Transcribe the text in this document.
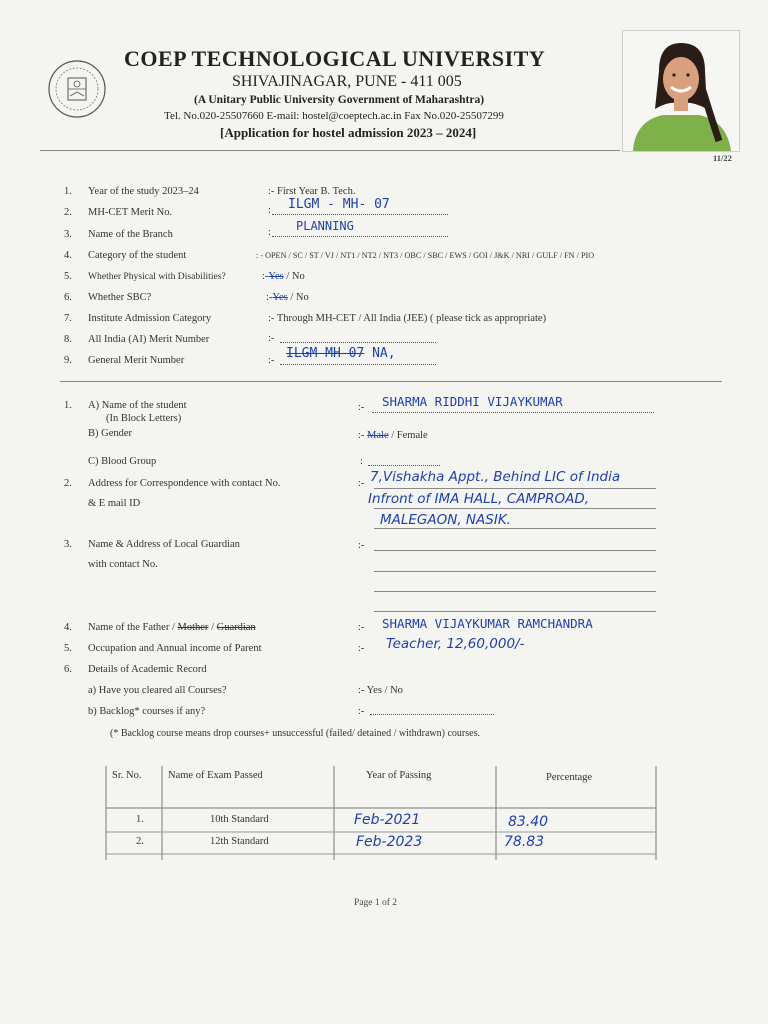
COEP TECHNOLOGICAL UNIVERSITY
SHIVAJINAGAR, PUNE - 411 005
(A Unitary Public University Government of Maharashtra)
Tel. No.020-25507660 E-mail: hostel@coeptech.ac.in Fax No.020-25507299
[Application for hostel admission 2023 – 2024]
11/22
1. Year of the study 2023–24	:- First Year B. Tech.
2. MH-CET Merit No.	: ILGM - MH- 07
3. Name of the Branch	: PLANNING
4. Category of the student	: - OPEN / SC / ST / VJ / NT1 / NT2 / NT3 / OBC / SBC / EWS / GOI / J&K / NRI / GULF / FN / PIO
5. Whether Physical with Disabilities?	:-Yes / No
6. Whether SBC?	:-Yes / No
7. Institute Admission Category	:- Through MH-CET / All India (JEE) ( please tick as appropriate)
8. All India (AI) Merit Number	:-
9. General Merit Number	:- ILGM-MH-07 NA,
1. A) Name of the student
(In Block Letters)
:- SHARMA RIDDHI VIJAYKUMAR
B) Gender	:- Male / Female
C) Blood Group	:
2. Address for Correspondence with contact No.
& E mail ID
:- 7,Vishakha Appt., Behind LIC of India
Infront of IMA HALL, CAMPROAD,
MALEGAON, NASIK.
3. Name & Address of Local Guardian
with contact No.
:-
4. Name of the Father / Mother / Guardian	:- SHARMA VIJAYKUMAR RAMCHANDRA
5. Occupation and Annual income of Parent	:- Teacher, 12,60,000/-
6. Details of Academic Record
a) Have you cleared all Courses?	:- Yes / No
b) Backlog* courses if any?	:-
(* Backlog course means drop courses+ unsuccessful (failed/ detained / withdrawn) courses.
Sr. No.	Name of Exam Passed	Year of Passing	Percentage
1.	10th Standard	Feb-2021	83.40
2.	12th Standard	Feb-2023	78.83
Page 1 of 2
